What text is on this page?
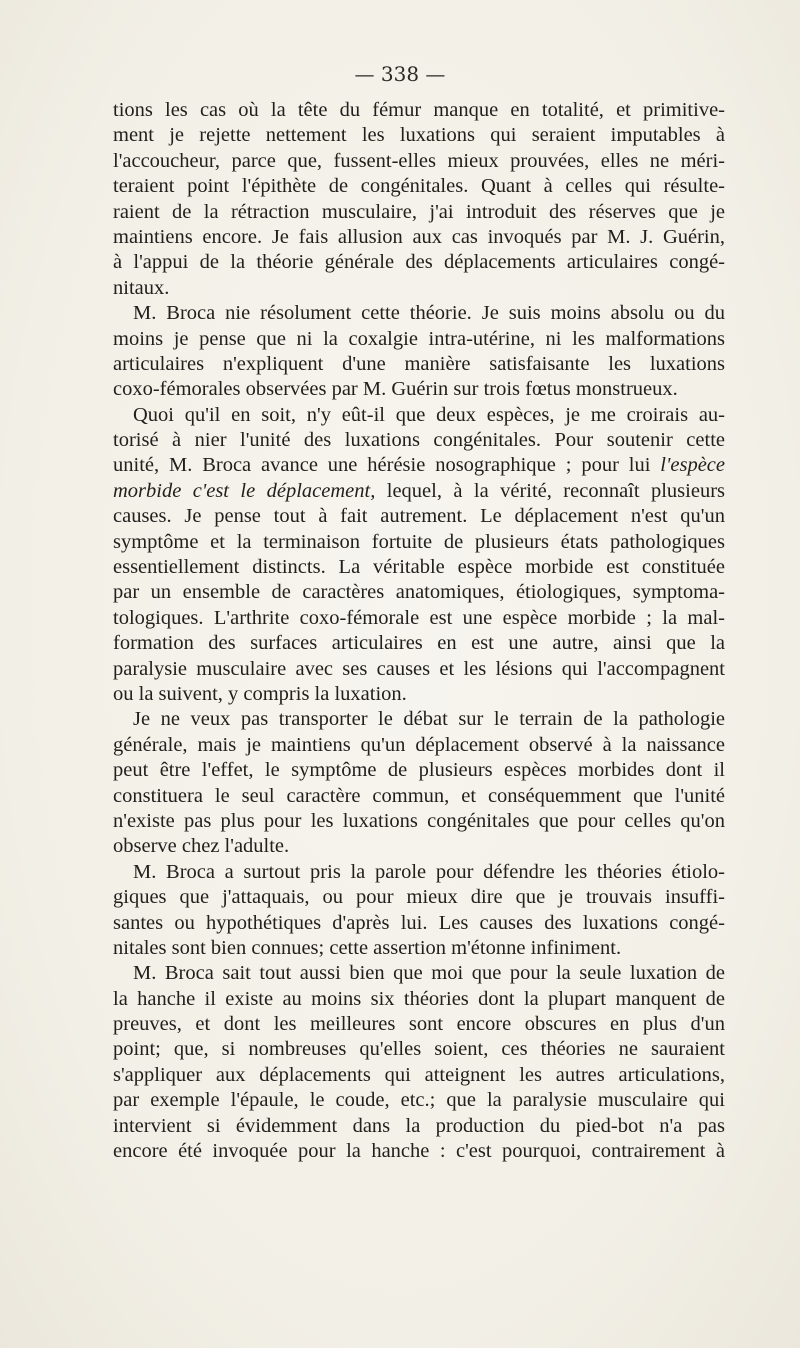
— 338 —
tions les cas où la tête du fémur manque en totalité, et primitive-
ment je rejette nettement les luxations qui seraient imputables à
l'accoucheur, parce que, fussent-elles mieux prouvées, elles ne méri-
teraient point l'épithète de congénitales. Quant à celles qui résulte-
raient de la rétraction musculaire, j'ai introduit des réserves que je
maintiens encore. Je fais allusion aux cas invoqués par M. J. Guérin,
à l'appui de la théorie générale des déplacements articulaires congé-
nitaux.
M. Broca nie résolument cette théorie. Je suis moins absolu ou du
moins je pense que ni la coxalgie intra-utérine, ni les malformations
articulaires n'expliquent d'une manière satisfaisante les luxations
coxo-fémorales observées par M. Guérin sur trois fœtus monstrueux.
Quoi qu'il en soit, n'y eût-il que deux espèces, je me croirais au-
torisé à nier l'unité des luxations congénitales. Pour soutenir cette
unité, M. Broca avance une hérésie nosographique ; pour lui l'espèce
morbide c'est le déplacement, lequel, à la vérité, reconnaît plusieurs
causes. Je pense tout à fait autrement. Le déplacement n'est qu'un
symptôme et la terminaison fortuite de plusieurs états pathologiques
essentiellement distincts. La véritable espèce morbide est constituée
par un ensemble de caractères anatomiques, étiologiques, symptoma-
tologiques. L'arthrite coxo-fémorale est une espèce morbide ; la mal-
formation des surfaces articulaires en est une autre, ainsi que la
paralysie musculaire avec ses causes et les lésions qui l'accompagnent
ou la suivent, y compris la luxation.
Je ne veux pas transporter le débat sur le terrain de la pathologie
générale, mais je maintiens qu'un déplacement observé à la naissance
peut être l'effet, le symptôme de plusieurs espèces morbides dont il
constituera le seul caractère commun, et conséquemment que l'unité
n'existe pas plus pour les luxations congénitales que pour celles qu'on
observe chez l'adulte.
M. Broca a surtout pris la parole pour défendre les théories étiolo-
giques que j'attaquais, ou pour mieux dire que je trouvais insuffi-
santes ou hypothétiques d'après lui. Les causes des luxations congé-
nitales sont bien connues; cette assertion m'étonne infiniment.
M. Broca sait tout aussi bien que moi que pour la seule luxation de
la hanche il existe au moins six théories dont la plupart manquent de
preuves, et dont les meilleures sont encore obscures en plus d'un
point; que, si nombreuses qu'elles soient, ces théories ne sauraient
s'appliquer aux déplacements qui atteignent les autres articulations,
par exemple l'épaule, le coude, etc.; que la paralysie musculaire qui
intervient si évidemment dans la production du pied-bot n'a pas
encore été invoquée pour la hanche : c'est pourquoi, contrairement à
